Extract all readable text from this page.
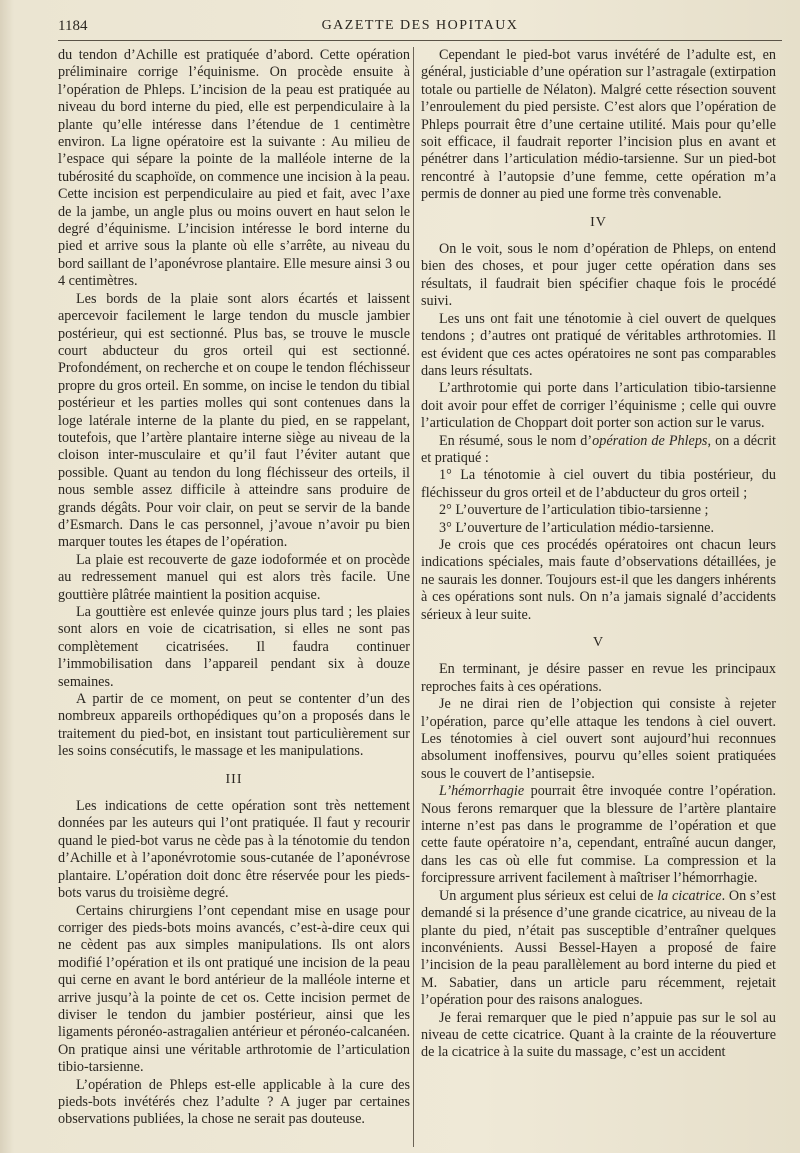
1184	GAZETTE DES HOPITAUX

du tendon d’Achille est pratiquée d’abord. Cette opération préliminaire corrige l’équinisme. On procède ensuite à l’opération de Phleps. L’incision de la peau est pratiquée au niveau du bord interne du pied, elle est perpendiculaire à la plante qu’elle intéresse dans l’étendue de 1 centimètre environ. La ligne opératoire est la suivante : Au milieu de l’espace qui sépare la pointe de la malléole interne de la tubérosité du scaphoïde, on commence une incision à la peau. Cette incision est perpendiculaire au pied et fait, avec l’axe de la jambe, un angle plus ou moins ouvert en haut selon le degré d’équinisme. L’incision intéresse le bord interne du pied et arrive sous la plante où elle s’arrête, au niveau du bord saillant de l’aponévrose plantaire. Elle mesure ainsi 3 ou 4 centimètres.

Les bords de la plaie sont alors écartés et laissent apercevoir facilement le large tendon du muscle jambier postérieur, qui est sectionné. Plus bas, se trouve le muscle court abducteur du gros orteil qui est sectionné. Profondément, on recherche et on coupe le tendon fléchisseur propre du gros orteil. En somme, on incise le tendon du tibial postérieur et les parties molles qui sont contenues dans la loge latérale interne de la plante du pied, en se rappelant, toutefois, que l’artère plantaire interne siège au niveau de la cloison inter-musculaire et qu’il faut l’éviter autant que possible. Quant au tendon du long fléchisseur des orteils, il nous semble assez difficile à atteindre sans produire de grands dégâts. Pour voir clair, on peut se servir de la bande d’Esmarch. Dans le cas personnel, j’avoue n’avoir pu bien marquer toutes les étapes de l’opération.

La plaie est recouverte de gaze iodoformée et on procède au redressement manuel qui est alors très facile. Une gouttière plâtrée maintient la position acquise.

La gouttière est enlevée quinze jours plus tard ; les plaies sont alors en voie de cicatrisation, si elles ne sont pas complètement cicatrisées. Il faudra continuer l’immobilisation dans l’appareil pendant six à douze semaines.

A partir de ce moment, on peut se contenter d’un des nombreux appareils orthopédiques qu’on a proposés dans le traitement du pied-bot, en insistant tout particulièrement sur les soins consécutifs, le massage et les manipulations.

III

Les indications de cette opération sont très nettement données par les auteurs qui l’ont pratiquée. Il faut y recourir quand le pied-bot varus ne cède pas à la ténotomie du tendon d’Achille et à l’aponévrotomie sous-cutanée de l’aponévrose plantaire. L’opération doit donc être réservée pour les pieds-bots varus du troisième degré.

Certains chirurgiens l’ont cependant mise en usage pour corriger des pieds-bots moins avancés, c’est-à-dire ceux qui ne cèdent pas aux simples manipulations. Ils ont alors modifié l’opération et ils ont pratiqué une incision de la peau qui cerne en avant le bord antérieur de la malléole interne et arrive jusqu’à la pointe de cet os. Cette incision permet de diviser le tendon du jambier postérieur, ainsi que les ligaments péronéo-astragalien antérieur et péronéo-calcanéen. On pratique ainsi une véritable arthrotomie de l’articulation tibio-tarsienne.

L’opération de Phleps est-elle applicable à la cure des pieds-bots invétérés chez l’adulte ? A juger par certaines observations publiées, la chose ne serait pas douteuse.

Cependant le pied-bot varus invétéré de l’adulte est, en général, justiciable d’une opération sur l’astragale (extirpation totale ou partielle de Nélaton). Malgré cette résection souvent l’enroulement du pied persiste. C’est alors que l’opération de Phleps pourrait être d’une certaine utilité. Mais pour qu’elle soit efficace, il faudrait reporter l’incision plus en avant et pénétrer dans l’articulation médio-tarsienne. Sur un pied-bot rencontré à l’autopsie d’une femme, cette opération m’a permis de donner au pied une forme très convenable.

IV

On le voit, sous le nom d’opération de Phleps, on entend bien des choses, et pour juger cette opération dans ses résultats, il faudrait bien spécifier chaque fois le procédé suivi.

Les uns ont fait une ténotomie à ciel ouvert de quelques tendons ; d’autres ont pratiqué de véritables arthrotomies. Il est évident que ces actes opératoires ne sont pas comparables dans leurs résultats.

L’arthrotomie qui porte dans l’articulation tibio-tarsienne doit avoir pour effet de corriger l’équinisme ; celle qui ouvre l’articulation de Choppart doit porter son action sur le varus.

En résumé, sous le nom d’opération de Phleps, on a décrit et pratiqué :

1° La ténotomie à ciel ouvert du tibia postérieur, du fléchisseur du gros orteil et de l’abducteur du gros orteil ;

2° L’ouverture de l’articulation tibio-tarsienne ;

3° L’ouverture de l’articulation médio-tarsienne.

Je crois que ces procédés opératoires ont chacun leurs indications spéciales, mais faute d’observations détaillées, je ne saurais les donner. Toujours est-il que les dangers inhérents à ces opérations sont nuls. On n’a jamais signalé d’accidents sérieux à leur suite.

V

En terminant, je désire passer en revue les principaux reproches faits à ces opérations.

Je ne dirai rien de l’objection qui consiste à rejeter l’opération, parce qu’elle attaque les tendons à ciel ouvert. Les ténotomies à ciel ouvert sont aujourd’hui reconnues absolument inoffensives, pourvu qu’elles soient pratiquées sous le couvert de l’antisepsie.

L’hémorrhagie pourrait être invoquée contre l’opération. Nous ferons remarquer que la blessure de l’artère plantaire interne n’est pas dans le programme de l’opération et que cette faute opératoire n’a, cependant, entraîné aucun danger, dans les cas où elle fut commise. La compression et la forcipressure arrivent facilement à maîtriser l’hémorrhagie.

Un argument plus sérieux est celui de la cicatrice. On s’est demandé si la présence d’une grande cicatrice, au niveau de la plante du pied, n’était pas susceptible d’entraîner quelques inconvénients. Aussi Bessel-Hayen a proposé de faire l’incision de la peau parallèlement au bord interne du pied et M. Sabatier, dans un article paru récemment, rejetait l’opération pour des raisons analogues.

Je ferai remarquer que le pied n’appuie pas sur le sol au niveau de cette cicatrice. Quant à la crainte de la réouverture de la cicatrice à la suite du massage, c’est un accident
